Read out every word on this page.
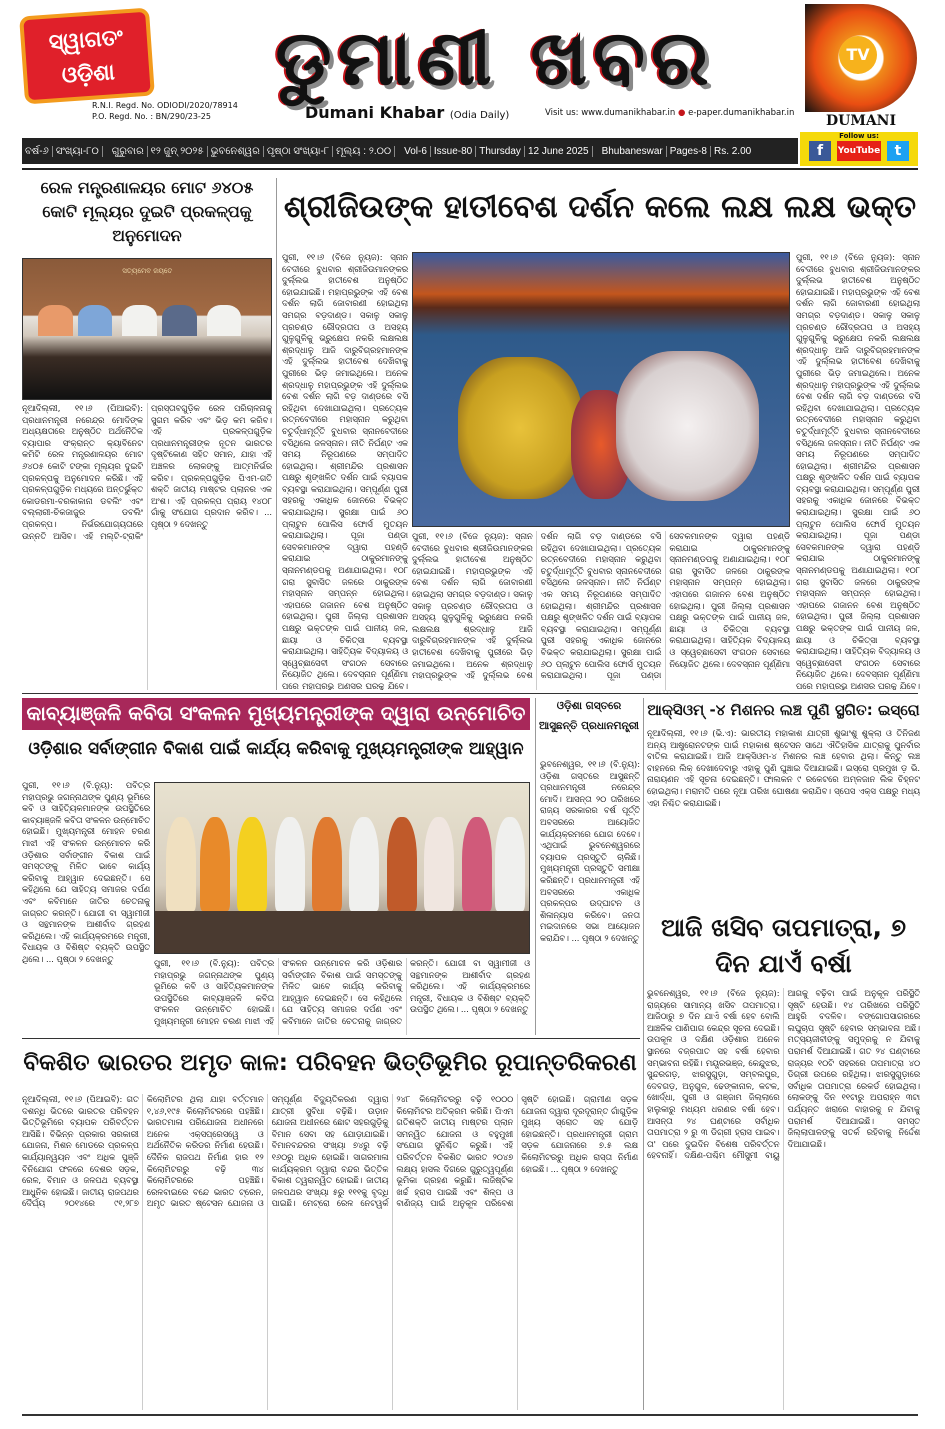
ସ୍ୱାଗତଂ ଓଡ଼ିଶା	ଡୁମାଣୀ ଖବର
R.N.I. Regd. No. ODIODI/2020/78914
P.O. Regd. No. : BN/290/23-25	Dumani Khabar (Odia Daily)	Visit us: www.dumanikhabar.in ● e-paper.dumanikhabar.in
TV
DUMANI
ବର୍ଷ-୬ ସଂଖ୍ୟା-୮୦	ଗୁରୁବାର ୧୨ ଜୁନ୍ ୨୦୨୫ ଭୁବନେଶ୍ୱର ପୃଷ୍ଠା ସଂଖ୍ୟା-୮ ମୂଲ୍ୟ : ୨.୦୦	Vol-6 Issue-80 Thursday 12 June 2025	Bhubaneswar Pages-8 Rs. 2.00
Follow us:
f YouTube t
ରେଳ ମନ୍ତ୍ରଣାଳୟର ମୋଟ ୬୪୦୫ କୋଟି ମୂଲ୍ୟର ଦୁଇଟି ପ୍ରକଳ୍ପକୁ ଅନୁମୋଦନ
ସତ୍ୟମେବ ଜୟତେ
ନୂଆଦିଲ୍ଲୀ, ୧୧।୬ (ପିଆଇବି): ପ୍ରଧାନମନ୍ତ୍ରୀ ନରେନ୍ଦ୍ର ମୋଦିଙ୍କ ଅଧ୍ୟକ୍ଷତାରେ ଅନୁଷ୍ଠିତ ଅର୍ଥନୈତିକ ବ୍ୟାପାର ସଂକ୍ରାନ୍ତ କ୍ୟାବିନେଟ କମିଟି ରେଳ ମନ୍ତ୍ରଣାଳୟର ମୋଟ ୬୪୦୫ କୋଟି ଟଙ୍କା ମୂଲ୍ୟର ଦୁଇଟି ପ୍ରକଳ୍ପକୁ ଅନୁମୋଦନ କରିଛି। ଏହି ପ୍ରକଳ୍ପଗୁଡ଼ିକ ମଧ୍ୟରେ ଅନ୍ତର୍ଭୁକ୍ତ କୋଡରମା-ବରକାକାନା ଡବଲିଂ ଏବଂ ବଲ୍ଲାରୀ-ଚିକଜାଜୁର ଡବଲିଂ ପ୍ରକଳ୍ପ। ନିର୍ଭରଯୋଗ୍ୟତାରେ ଉନ୍ନତି ଆସିବ। ଏହି ମଲ୍ଟି-ଟ୍ରାକିଂ ପ୍ରସ୍ତାବଗୁଡ଼ିକ ରେଳ ପରିଚାଳନାକୁ ସୁଗମ କରିବ ଏବଂ ଭିଡ଼ କମ କରିବ। ଏହି ପ୍ରକଳ୍ପଗୁଡ଼ିକ ପ୍ରଧାନମନ୍ତ୍ରୀଙ୍କ ନୂତନ ଭାରତର ଦୃଷ୍ଟିକୋଣ ସହିତ ସମାନ, ଯାହା ଏହି ଅଞ୍ଚଳର ଲୋକଙ୍କୁ ଆତ୍ମନିର୍ଭର କରିବ। ପ୍ରକଳ୍ପଗୁଡ଼ିକ ପିଏମ-ଗତି ଶକ୍ତି ଜାତୀୟ ମାଷ୍ଟର ପ୍ଲାନର ଏକ ଅଂଶ। ଏହି ପ୍ରକଳ୍ପ ପ୍ରାୟ ୧୪୦୮ ଗାଁକୁ ସଂଯୋଗ ପ୍ରଦାନ କରିବ। ... ପୃଷ୍ଠା ୨ ଦେଖନ୍ତୁ
ଶ୍ରୀଜିଉଙ୍କ ହାତୀବେଶ ଦର୍ଶନ କଲେ ଲକ୍ଷ ଲକ୍ଷ ଭକ୍ତ
ପୁରୀ, ୧୧।୬ (ବିଜେ ନ୍ୟୁଜ): ସ୍ନାନ ବେଦୀରେ ବୁଧବାର ଶ୍ରୀଜିଉମାନଙ୍କର ଦୁର୍ଲ୍ଲଭ ହାତୀବେଶ ଅନୁଷ୍ଠିତ ହୋଇଯାଇଛି। ମହାପ୍ରଭୁଙ୍କ ଏହି ବେଶ ଦର୍ଶନ ଲାଗି ଜୋବାରଣୀ ହୋଇଥିଲା ସମଗ୍ର ବଡ଼ଦାଣ୍ଡ। ସକାଳୁ ସକାଳୁ ପ୍ରଚଣ୍ଡ ରୌଦ୍ରତାପ ଓ ଅସହ୍ୟ ଗୁଳୁଗୁଳିକୁ ଭ୍ରୁକ୍ଷେପ ନକରି ଲକ୍ଷଲକ୍ଷ ଶ୍ରଦ୍ଧାଳୁ ଆଜି ଦାରୁବିଗ୍ରହମାନଙ୍କ ଏହି ଦୁର୍ଲ୍ଲଭ ହାତୀବେଶ ଦେଖିବାକୁ ପୁରୀରେ ଭିଡ଼ ଜମାଇଥିଲେ। ଅନେକ ଶ୍ରଦ୍ଧାଳୁ ମହାପ୍ରଭୁଙ୍କ ଏହି ଦୁର୍ଲ୍ଲଭ ବେଶ ଦର୍ଶନ ଲାଗି ବଡ଼ ଦାଣ୍ଡରେ ବସି ରହିଥିବା ଦେଖାଯାଇଥିଲା। ପ୍ରତ୍ୟେକ ରତ୍ନବେଦୀରେ ମହାସ୍ନାନ କରୁଥିବା ଚତୁର୍ଦ୍ଧାମୂର୍ତ୍ତି ବୁଧବାର ସ୍ନାନବେଦୀରେ ବସିଥିଲେ ଜଳସ୍ନାନ। ନୀତି ନିର୍ଘଣ୍ଟ ଏକ ସମୟ ନିରୂପଣରେ ସମ୍ପାଦିତ ହୋଇଥିଲା। ଶ୍ରୀମନ୍ଦିର ପ୍ରଶାସନ ପକ୍ଷରୁ ଶୃଙ୍ଖଳିତ ଦର୍ଶନ ପାଇଁ ବ୍ୟାପକ ବ୍ୟବସ୍ଥା କରାଯାଇଥିଲା। ସମ୍ପୂର୍ଣ୍ଣ ପୁରୀ ସହରକୁ ଏକାଧିକ ଜୋନରେ ବିଭକ୍ତ କରାଯାଇଥିଲା। ସୁରକ୍ଷା ପାଇଁ ୬୦ ପ୍ଲାଟୁନ ପୋଲିସ ଫୋର୍ସ ମୁତୟନ କରାଯାଇଥିଲା। ପୂଜା ପଣ୍ଡା ସେବକମାନଙ୍କ ଦ୍ୱାରା ପହଣ୍ଡି କରାଯାଇ ଠାକୁରମାନଙ୍କୁ ସ୍ନାନମଣ୍ଡପକୁ ଅଣାଯାଇଥିଲା। ୧୦୮ ଗରା ସୁବାସିତ ଜଳରେ ଠାକୁରଙ୍କ ମହାସ୍ନାନ ସମ୍ପନ୍ନ ହୋଇଥିଲା। ଏହାପରେ ଗଜାନନ ବେଶ ଅନୁଷ୍ଠିତ ହୋଇଥିଲା। ପୁରୀ ଜିଲ୍ଲା ପ୍ରଶାସନ ପକ୍ଷରୁ ଭକ୍ତଙ୍କ ପାଇଁ ପାନୀୟ ଜଳ, ଛାୟା ଓ ଚିକିତ୍ସା ବ୍ୟବସ୍ଥା କରାଯାଇଥିଲା। ସାହିତ୍ୟିକ ବିଦ୍ୟାଳୟ ଓ ସ୍ୱେଚ୍ଛାସେବୀ ସଂଗଠନ ସେବାରେ ନିୟୋଜିତ ଥିଲେ। ଦେବସ୍ନାନ ପୂର୍ଣ୍ଣିମା ପରେ ମହାପ୍ରଭୁ ଅଣସର ଘରକୁ ଯିବେ।
ପୁରୀ, ୧୧।୬ (ବିଜେ ନ୍ୟୁଜ): ସ୍ନାନ ବେଦୀରେ ବୁଧବାର ଶ୍ରୀଜିଉମାନଙ୍କର ଦୁର୍ଲ୍ଲଭ ହାତୀବେଶ ଅନୁଷ୍ଠିତ ହୋଇଯାଇଛି। ମହାପ୍ରଭୁଙ୍କ ଏହି ବେଶ ଦର୍ଶନ ଲାଗି ଜୋବାରଣୀ ହୋଇଥିଲା ସମଗ୍ର ବଡ଼ଦାଣ୍ଡ। ସକାଳୁ ସକାଳୁ ପ୍ରଚଣ୍ଡ ରୌଦ୍ରତାପ ଓ ଅସହ୍ୟ ଗୁଳୁଗୁଳିକୁ ଭ୍ରୁକ୍ଷେପ ନକରି ଲକ୍ଷଲକ୍ଷ ଶ୍ରଦ୍ଧାଳୁ ଆଜି ଦାରୁବିଗ୍ରହମାନଙ୍କ ଏହି ଦୁର୍ଲ୍ଲଭ ହାତୀବେଶ ଦେଖିବାକୁ ପୁରୀରେ ଭିଡ଼ ଜମାଇଥିଲେ। ଅନେକ ଶ୍ରଦ୍ଧାଳୁ ମହାପ୍ରଭୁଙ୍କ ଏହି ଦୁର୍ଲ୍ଲଭ ବେଶ ଦର୍ଶନ ଲାଗି ବଡ଼ ଦାଣ୍ଡରେ ବସି ରହିଥିବା ଦେଖାଯାଇଥିଲା। ପ୍ରତ୍ୟେକ ରତ୍ନବେଦୀରେ ମହାସ୍ନାନ କରୁଥିବା ଚତୁର୍ଦ୍ଧାମୂର୍ତ୍ତି ବୁଧବାର ସ୍ନାନବେଦୀରେ ବସିଥିଲେ ଜଳସ୍ନାନ। ନୀତି ନିର୍ଘଣ୍ଟ ଏକ ସମୟ ନିରୂପଣରେ ସମ୍ପାଦିତ ହୋଇଥିଲା। ଶ୍ରୀମନ୍ଦିର ପ୍ରଶାସନ ପକ୍ଷରୁ ଶୃଙ୍ଖଳିତ ଦର୍ଶନ ପାଇଁ ବ୍ୟାପକ ବ୍ୟବସ୍ଥା କରାଯାଇଥିଲା। ସମ୍ପୂର୍ଣ୍ଣ ପୁରୀ ସହରକୁ ଏକାଧିକ ଜୋନରେ ବିଭକ୍ତ କରାଯାଇଥିଲା। ସୁରକ୍ଷା ପାଇଁ ୬୦ ପ୍ଲାଟୁନ ପୋଲିସ ଫୋର୍ସ ମୁତୟନ କରାଯାଇଥିଲା। ପୂଜା ପଣ୍ଡା ସେବକମାନଙ୍କ ଦ୍ୱାରା ପହଣ୍ଡି କରାଯାଇ ଠାକୁରମାନଙ୍କୁ ସ୍ନାନମଣ୍ଡପକୁ ଅଣାଯାଇଥିଲା। ୧୦୮ ଗରା ସୁବାସିତ ଜଳରେ ଠାକୁରଙ୍କ ମହାସ୍ନାନ ସମ୍ପନ୍ନ ହୋଇଥିଲା। ଏହାପରେ ଗଜାନନ ବେଶ ଅନୁଷ୍ଠିତ ହୋଇଥିଲା। ପୁରୀ ଜିଲ୍ଲା ପ୍ରଶାସନ ପକ୍ଷରୁ ଭକ୍ତଙ୍କ ପାଇଁ ପାନୀୟ ଜଳ, ଛାୟା ଓ ଚିକିତ୍ସା ବ୍ୟବସ୍ଥା କରାଯାଇଥିଲା। ସାହିତ୍ୟିକ ବିଦ୍ୟାଳୟ ଓ ସ୍ୱେଚ୍ଛାସେବୀ ସଂଗଠନ ସେବାରେ ନିୟୋଜିତ ଥିଲେ। ଦେବସ୍ନାନ ପୂର୍ଣ୍ଣିମା
ପୁରୀ, ୧୧।୬ (ବିଜେ ନ୍ୟୁଜ): ସ୍ନାନ ବେଦୀରେ ବୁଧବାର ଶ୍ରୀଜିଉମାନଙ୍କର ଦୁର୍ଲ୍ଲଭ ହାତୀବେଶ ଅନୁଷ୍ଠିତ ହୋଇଯାଇଛି। ମହାପ୍ରଭୁଙ୍କ ଏହି ବେଶ ଦର୍ଶନ ଲାଗି ଜୋବାରଣୀ ହୋଇଥିଲା ସମଗ୍ର ବଡ଼ଦାଣ୍ଡ। ସକାଳୁ ସକାଳୁ ପ୍ରଚଣ୍ଡ ରୌଦ୍ରତାପ ଓ ଅସହ୍ୟ ଗୁଳୁଗୁଳିକୁ ଭ୍ରୁକ୍ଷେପ ନକରି ଲକ୍ଷଲକ୍ଷ ଶ୍ରଦ୍ଧାଳୁ ଆଜି ଦାରୁବିଗ୍ରହମାନଙ୍କ ଏହି ଦୁର୍ଲ୍ଲଭ ହାତୀବେଶ ଦେଖିବାକୁ ପୁରୀରେ ଭିଡ଼ ଜମାଇଥିଲେ। ଅନେକ ଶ୍ରଦ୍ଧାଳୁ ମହାପ୍ରଭୁଙ୍କ ଏହି ଦୁର୍ଲ୍ଲଭ ବେଶ ଦର୍ଶନ ଲାଗି ବଡ଼ ଦାଣ୍ଡରେ ବସି ରହିଥିବା ଦେଖାଯାଇଥିଲା। ପ୍ରତ୍ୟେକ ରତ୍ନବେଦୀରେ ମହାସ୍ନାନ କରୁଥିବା ଚତୁର୍ଦ୍ଧାମୂର୍ତ୍ତି ବୁଧବାର ସ୍ନାନବେଦୀରେ ବସିଥିଲେ ଜଳସ୍ନାନ। ନୀତି ନିର୍ଘଣ୍ଟ ଏକ ସମୟ ନିରୂପଣରେ ସମ୍ପାଦିତ ହୋଇଥିଲା। ଶ୍ରୀମନ୍ଦିର ପ୍ରଶାସନ ପକ୍ଷରୁ ଶୃଙ୍ଖଳିତ ଦର୍ଶନ ପାଇଁ ବ୍ୟାପକ ବ୍ୟବସ୍ଥା କରାଯାଇଥିଲା। ସମ୍ପୂର୍ଣ୍ଣ ପୁରୀ ସହରକୁ ଏକାଧିକ ଜୋନରେ ବିଭକ୍ତ କରାଯାଇଥିଲା। ସୁରକ୍ଷା ପାଇଁ ୬୦ ପ୍ଲାଟୁନ ପୋଲିସ ଫୋର୍ସ ମୁତୟନ କରାଯାଇଥିଲା। ପୂଜା ପଣ୍ଡା ସେବକମାନଙ୍କ ଦ୍ୱାରା ପହଣ୍ଡି କରାଯାଇ ଠାକୁରମାନଙ୍କୁ ସ୍ନାନମଣ୍ଡପକୁ ଅଣାଯାଇଥିଲା। ୧୦୮ ଗରା ସୁବାସିତ ଜଳରେ ଠାକୁରଙ୍କ ମହାସ୍ନାନ ସମ୍ପନ୍ନ ହୋଇଥିଲା। ଏହାପରେ ଗଜାନନ ବେଶ ଅନୁଷ୍ଠିତ ହୋଇଥିଲା। ପୁରୀ ଜିଲ୍ଲା ପ୍ରଶାସନ ପକ୍ଷରୁ ଭକ୍ତଙ୍କ ପାଇଁ ପାନୀୟ ଜଳ, ଛାୟା ଓ ଚିକିତ୍ସା ବ୍ୟବସ୍ଥା କରାଯାଇଥିଲା। ସାହିତ୍ୟିକ ବିଦ୍ୟାଳୟ ଓ ସ୍ୱେଚ୍ଛାସେବୀ ସଂଗଠନ ସେବାରେ ନିୟୋଜିତ ଥିଲେ। ଦେବସ୍ନାନ ପୂର୍ଣ୍ଣିମା ପରେ ମହାପ୍ରଭୁ ଅଣସର ଘରକୁ ଯିବେ।
କାବ୍ୟାଞ୍ଜଳି କବିତା ସଂକଳନ ମୁଖ୍ୟମନ୍ତ୍ରୀଙ୍କ ଦ୍ୱାରା ଉନ୍ମୋଚିତ
ଓଡ଼ିଶାର ସର୍ବାଙ୍ଗୀନ ବିକାଶ ପାଇଁ କାର୍ଯ୍ୟ କରିବାକୁ ମୁଖ୍ୟମନ୍ତ୍ରୀଙ୍କ ଆହ୍ୱାନ
ପୁରୀ, ୧୧।୬ (ବି.ନ୍ୟୁ): ପବିତ୍ର ମହାପ୍ରଭୁ ଜଗନ୍ନାଥଙ୍କ ପୁଣ୍ୟ ଭୂମିରେ କବି ଓ ସାହିତ୍ୟିକମାନଙ୍କ ଉପସ୍ଥିତିରେ କାବ୍ୟାଞ୍ଜଳି କବିତା ସଂକଳନ ଉନ୍ମୋଚିତ ହୋଇଛି। ମୁଖ୍ୟମନ୍ତ୍ରୀ ମୋହନ ଚରଣ ମାଝୀ ଏହି ସଂକଳନ ଉନ୍ମୋଚନ କରି ଓଡ଼ିଶାର ସର୍ବାଙ୍ଗୀନ ବିକାଶ ପାଇଁ ସମସ୍ତଙ୍କୁ ମିଳିତ ଭାବେ କାର୍ଯ୍ୟ କରିବାକୁ ଆହ୍ୱାନ ଦେଇଛନ୍ତି। ସେ କହିଥିଲେ ଯେ ସାହିତ୍ୟ ସମାଜର ଦର୍ପଣ ଏବଂ କବିମାନେ ଜାତିର ଚେତନାକୁ ଜାଗ୍ରତ କରନ୍ତି। ଯୋଗୀ ବା ସ୍ୱାମୀଜୀ ଓ ସନ୍ଥମାନଙ୍କ ଆଶୀର୍ବାଦ ଗ୍ରହଣ କରିଥିଲେ। ଏହି କାର୍ଯ୍ୟକ୍ରମରେ ମନ୍ତ୍ରୀ, ବିଧାୟକ ଓ ବିଶିଷ୍ଟ ବ୍ୟକ୍ତି ଉପସ୍ଥିତ ଥିଲେ। ... ପୃଷ୍ଠା ୨ ଦେଖନ୍ତୁ	ପୁରୀ, ୧୧।୬ (ବି.ନ୍ୟୁ): ପବିତ୍ର ମହାପ୍ରଭୁ ଜଗନ୍ନାଥଙ୍କ ପୁଣ୍ୟ ଭୂମିରେ କବି ଓ ସାହିତ୍ୟିକମାନଙ୍କ ଉପସ୍ଥିତିରେ କାବ୍ୟାଞ୍ଜଳି କବିତା ସଂକଳନ ଉନ୍ମୋଚିତ ହୋଇଛି। ମୁଖ୍ୟମନ୍ତ୍ରୀ ମୋହନ ଚରଣ ମାଝୀ ଏହି ସଂକଳନ ଉନ୍ମୋଚନ କରି ଓଡ଼ିଶାର ସର୍ବାଙ୍ଗୀନ ବିକାଶ ପାଇଁ ସମସ୍ତଙ୍କୁ ମିଳିତ ଭାବେ କାର୍ଯ୍ୟ କରିବାକୁ ଆହ୍ୱାନ ଦେଇଛନ୍ତି। ସେ କହିଥିଲେ ଯେ ସାହିତ୍ୟ ସମାଜର ଦର୍ପଣ ଏବଂ କବିମାନେ ଜାତିର ଚେତନାକୁ ଜାଗ୍ରତ କରନ୍ତି। ଯୋଗୀ ବା ସ୍ୱାମୀଜୀ ଓ ସନ୍ଥମାନଙ୍କ ଆଶୀର୍ବାଦ ଗ୍ରହଣ କରିଥିଲେ। ଏହି କାର୍ଯ୍ୟକ୍ରମରେ ମନ୍ତ୍ରୀ, ବିଧାୟକ ଓ ବିଶିଷ୍ଟ ବ୍ୟକ୍ତି ଉପସ୍ଥିତ ଥିଲେ। ... ପୃଷ୍ଠା ୨ ଦେଖନ୍ତୁ
ଓଡ଼ିଶା ଗସ୍ତରେ ଆସୁଛନ୍ତି ପ୍ରଧାନମନ୍ତ୍ରୀ
ଭୁବନେଶ୍ୱର, ୧୧।୬ (ବି.ନ୍ୟୁ): ଓଡ଼ିଶା ଗସ୍ତରେ ଆସୁଛନ୍ତି ପ୍ରଧାନମନ୍ତ୍ରୀ ନରେନ୍ଦ୍ର ମୋଦି। ଆସନ୍ତା ୨୦ ତାରିଖରେ ରାଜ୍ୟ ସରକାରର ବର୍ଷ ପୂର୍ତ୍ତି ଅବସରରେ ଆୟୋଜିତ କାର୍ଯ୍ୟକ୍ରମରେ ଯୋଗ ଦେବେ। ଏଥିପାଇଁ ଭୁବନେଶ୍ୱରରେ ବ୍ୟାପକ ପ୍ରସ୍ତୁତି ଚାଲିଛି। ମୁଖ୍ୟମନ୍ତ୍ରୀ ପ୍ରସ୍ତୁତି ସମୀକ୍ଷା କରିଛନ୍ତି। ପ୍ରଧାନମନ୍ତ୍ରୀ ଏହି ଅବସରରେ ଏକାଧିକ ପ୍ରକଳ୍ପର ଉଦ୍‌ଘାଟନ ଓ ଶିଳାନ୍ୟାସ କରିବେ। ଜନତା ମଇଦାନରେ ସଭା ଆୟୋଜନ କରାଯିବ। ... ପୃଷ୍ଠା ୨ ଦେଖନ୍ତୁ
ଆକ୍ସିଓମ୍ -୪ ମିଶନର ଲଞ୍ଚ ପୁଣି ସ୍ଥଗିତ: ଇସ୍ରୋ
ନୂଆଦିଲ୍ଲୀ, ୧୧।୬ (ଭି.ଏ): ଭାରତୀୟ ମହାକାଶ ଯାତ୍ରୀ ଶୁଭାଂଶୁ ଶୁକ୍ଲା ଓ ତିନିଜଣ ଅନ୍ୟ ଆଷ୍ଟ୍ରୋନଟଙ୍କ ପାଇଁ ମହାକାଶ ଷ୍ଟେସନ ସାଥେ ଐତିହାସିକ ଯାତ୍ରାକୁ ପୁନର୍ବାର ବାତିଲ କରାଯାଇଛି। ଆଜି ଆକ୍ସିଓମ-୪ ମିଶନର ଲଞ୍ଚ ହେବାର ଥିଲା। କିନ୍ତୁ ଲଞ୍ଚ ବାହନରେ ଲିକ୍ ଦେଖାଦେବାରୁ ଏହାକୁ ପୁଣି ଘୁଞ୍ଚାଇ ଦିଆଯାଇଛି। ଇସ୍ରୋ ପ୍ରମୁଖ ଡ଼ ଭି. ନାରାୟଣନ ଏହି ସୂଚନା ଦେଇଛନ୍ତି। ଫାଲକନ ୯ ରକେଟରେ ଅମ୍ଳଜାନ ଲିକ ଚିହ୍ନଟ ହୋଇଥିଲା। ମରାମତି ପରେ ନୂଆ ତାରିଖ ଘୋଷଣା କରାଯିବ। ସ୍ପେସ ଏକ୍ସ ପକ୍ଷରୁ ମଧ୍ୟ ଏହା ନିଶ୍ଚିତ କରାଯାଇଛି।
ଆଜି ଖସିବ ତାପମାତ୍ରା, ୭ ଦିନ ଯାଏଁ ବର୍ଷା
ଭୁବନେଶ୍ୱର, ୧୧।୬ (ବିଜେ ନ୍ୟୁଜ): ରାଜ୍ୟରେ ସାମାନ୍ୟ ଖସିବ ତାପମାତ୍ରା। ଆଜିଠାରୁ ୭ ଦିନ ଯାଏଁ ବର୍ଷା ହେବ ବୋଲି ଆଞ୍ଚଳିକ ପାଣିପାଗ କେନ୍ଦ୍ର ସୂଚନା ଦେଇଛି। ଉପକୂଳ ଓ ଦକ୍ଷିଣ ଓଡ଼ିଶାର ଅନେକ ସ୍ଥାନରେ ବଜ୍ରପାତ ସହ ବର୍ଷା ହେବାର ସମ୍ଭାବନା ରହିଛି। ମୟୂରଭଞ୍ଜ, କେନ୍ଦୁଝର, ସୁନ୍ଦରଗଡ଼, ଝାରସୁଗୁଡ଼ା, ସମ୍ବଲପୁର, ଦେବଗଡ଼, ଅନୁଗୁଳ, ଢେଙ୍କାନାଳ, କଟକ, ଖୋର୍ଦ୍ଧା, ପୁରୀ ଓ ଗଞ୍ଜାମ ଜିଲ୍ଲାରେ ହାଲୁକାରୁ ମଧ୍ୟମ ଧରଣର ବର୍ଷା ହେବ। ଆସନ୍ତା ୨୪ ଘଣ୍ଟାରେ ସର୍ବାଧିକ ତାପମାତ୍ରା ୨ ରୁ ୩ ଡିଗ୍ରୀ ହ୍ରାସ ପାଇବ। ତା' ପରେ ଦୁଇଦିନ ବିଶେଷ ପରିବର୍ତ୍ତନ ହେବନାହିଁ। ଦକ୍ଷିଣ-ପଶ୍ଚିମ ମୌସୁମୀ ବାୟୁ ଆଗକୁ ବଢ଼ିବା ପାଇଁ ଅନୁକୂଳ ପରିସ୍ଥିତି ସୃଷ୍ଟି ହେଉଛି। ୧୪ ତାରିଖରେ ପରିସ୍ଥିତି ଆହୁରି ବଦଳିବ। ବଙ୍ଗୋପସାଗରରେ ଲଘୁଚାପ ସୃଷ୍ଟି ହେବାର ସମ୍ଭାବନା ଅଛି। ମତ୍ସ୍ୟଜୀବୀଙ୍କୁ ସମୁଦ୍ରକୁ ନ ଯିବାକୁ ପରାମର୍ଶ ଦିଆଯାଇଛି। ଗତ ୨୪ ଘଣ୍ଟାରେ ରାଜ୍ୟର ୧୦ଟି ସହରରେ ତାପମାତ୍ରା ୪୦ ଡିଗ୍ରୀ ଉପରେ ରହିଥିଲା। ଝାରସୁଗୁଡ଼ାରେ ସର୍ବାଧିକ ତାପମାତ୍ରା ରେକର୍ଡ ହୋଇଥିଲା। ଲୋକଙ୍କୁ ଦିନ ୧୧ଟାରୁ ଅପରାହ୍ନ ୩ଟା ପର୍ଯ୍ୟନ୍ତ ଖରାରେ ବାହାରକୁ ନ ଯିବାକୁ ପରାମର୍ଶ ଦିଆଯାଇଛି। ସମସ୍ତ ଜିଲ୍ଲାପାଳଙ୍କୁ ସତର୍କ ରହିବାକୁ ନିର୍ଦ୍ଦେଶ ଦିଆଯାଇଛି।
ବିକଶିତ ଭାରତର ଅମୃତ କାଳ: ପରିବହନ ଭିତ୍ତିଭୂମିର ରୂପାନ୍ତରିକରଣ
ନୂଆଦିଲ୍ଲୀ, ୧୧।୬ (ପିଆଇବି): ଗତ ଦଶନ୍ଧି ଭିତରେ ଭାରତର ପରିବହନ ଭିତ୍ତିଭୂମିରେ ବ୍ୟାପକ ପରିବର୍ତ୍ତନ ଆସିଛି। ବିଭିନ୍ନ ପ୍ରକାର ସରକାରୀ ଯୋଜନା, ମିଶନ ମୋଡରେ ପ୍ରକଳ୍ପ କାର୍ଯ୍ୟାନ୍ୱୟନ ଏବଂ ଅଧିକ ପୁଞ୍ଜି ବିନିଯୋଗ ଫଳରେ ଦେଶର ସଡ଼କ, ରେଳ, ବିମାନ ଓ ଜଳପଥ ବ୍ୟବସ୍ଥା ଆଧୁନିକ ହୋଇଛି। ଜାତୀୟ ରାଜପଥର ଦୈର୍ଘ୍ୟ ୨୦୧୪ରେ ୯୧,୨୮୭ କିଲୋମିଟର ଥିଲା ଯାହା ବର୍ତ୍ତମାନ ୧,୪୬,୧୯୫ କିଲୋମିଟରରେ ପହଞ୍ଚିଛି। ଭାରତମାଳା ପରିଯୋଜନା ଅଧୀନରେ ଅନେକ ଏକ୍ସପ୍ରେସୱେ ଓ ଅର୍ଥନୈତିକ କରିଡର ନିର୍ମାଣ ହେଉଛି। ଦୈନିକ ରାଜପଥ ନିର୍ମାଣ ହାର ୧୨ କିଲୋମିଟରରୁ ବଢ଼ି ୩୪ କିଲୋମିଟରରେ ପହଞ୍ଚିଛି। ରେଳବାଇରେ ବନ୍ଦେ ଭାରତ ଟ୍ରେନ, ଅମୃତ ଭାରତ ଷ୍ଟେସନ ଯୋଜନା ଓ ସମ୍ପୂର୍ଣ୍ଣ ବିଦ୍ୟୁତିକରଣ ଦ୍ୱାରା ଯାତ୍ରୀ ସୁବିଧା ବଢ଼ିଛି। ଉଡ଼ାନ ଯୋଜନା ଅଧୀନରେ ଛୋଟ ସହରଗୁଡ଼ିକୁ ବିମାନ ସେବା ସହ ଯୋଡ଼ାଯାଇଛି। ବିମାନବନ୍ଦରର ସଂଖ୍ୟା ୭୪ରୁ ବଢ଼ି ୧୬୦ରୁ ଅଧିକ ହୋଇଛି। ସାଗରମାଳା କାର୍ଯ୍ୟକ୍ରମ ଦ୍ୱାରା ବନ୍ଦର ଭିତ୍ତିକ ବିକାଶ ତ୍ୱରାନ୍ୱିତ ହୋଇଛି। ଜାତୀୟ ଜଳପଥର ସଂଖ୍ୟା ୫ରୁ ୧୧୧କୁ ବୃଦ୍ଧି ପାଇଛି। ମେଟ୍ରୋ ରେଳ ନେଟୱର୍କ ୨୪୮ କିଲୋମିଟରରୁ ବଢ଼ି ୧୦୦୦ କିଲୋମିଟର ଅତିକ୍ରମ କରିଛି। ପିଏମ ଗତିଶକ୍ତି ଜାତୀୟ ମାଷ୍ଟର ପ୍ଲାନ ସମନ୍ୱିତ ଯୋଜନା ଓ ବହୁମୁଖୀ ସଂଯୋଗ ସୁନିଶ୍ଚିତ କରୁଛି। ଏହି ପରିବର୍ତ୍ତନ ବିକଶିତ ଭାରତ ୨୦୪୭ ଲକ୍ଷ୍ୟ ହାସଲ ଦିଗରେ ଗୁରୁତ୍ୱପୂର୍ଣ୍ଣ ଭୂମିକା ଗ୍ରହଣ କରୁଛି। ଲଜିଷ୍ଟିକ ଖର୍ଚ୍ଚ ହ୍ରାସ ପାଇଛି ଏବଂ ଶିଳ୍ପ ଓ ବାଣିଜ୍ୟ ପାଇଁ ଅନୁକୂଳ ପରିବେଶ ସୃଷ୍ଟି ହୋଇଛି। ଗ୍ରାମୀଣ ସଡ଼କ ଯୋଜନା ଦ୍ୱାରା ଦୂରଦୂରାନ୍ତ ଗାଁଗୁଡ଼ିକ ମୁଖ୍ୟ ସ୍ରୋତ ସହ ଯୋଡ଼ି ହୋଇଛନ୍ତି। ପ୍ରଧାନମନ୍ତ୍ରୀ ଗ୍ରାମ ସଡ଼କ ଯୋଜନାରେ ୭.୫ ଲକ୍ଷ କିଲୋମିଟରରୁ ଅଧିକ ରାସ୍ତା ନିର୍ମାଣ ହୋଇଛି। ... ପୃଷ୍ଠା ୨ ଦେଖନ୍ତୁ
